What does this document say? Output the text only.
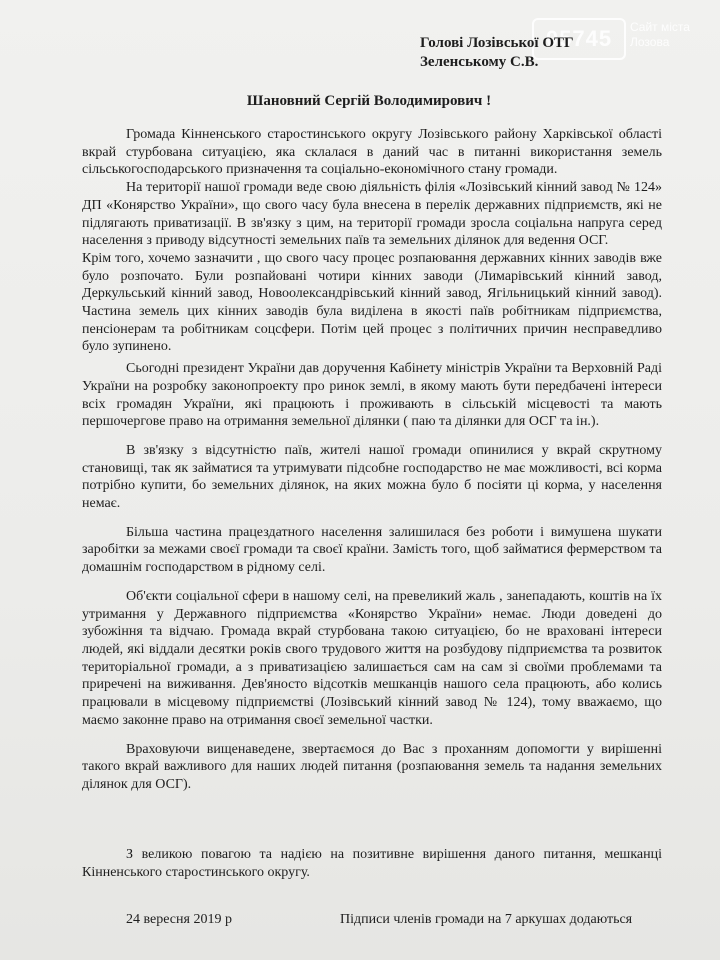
05745	Сайт міста
Лозова
Голові Лозівської ОТГ
Зеленському С.В.
Шановний Сергій Володимирович !

Громада Кінненського старостинського округу Лозівського району Харківської області вкрай стурбована ситуацією, яка склалася в даний час в питанні використання земель сільськогосподарського призначення та соціально-економічного стану громади.

На території нашої громади веде свою діяльність філія «Лозівський кінний завод № 124» ДП «Конярство України», що свого часу була внесена в перелік державних підприємств, які не підлягають приватизації. В зв'язку з цим, на території громади зросла соціальна напруга серед населення з приводу відсутності земельних паїв та земельних ділянок для ведення ОСГ.

Крім того, хочемо зазначити , що свого часу процес розпаювання державних кінних заводів вже було розпочато. Були розпайовані чотири кінних заводи (Лимарівський кінний завод, Деркульський кінний завод, Новоолександрівський кінний завод, Ягільницький кінний завод). Частина земель цих кінних заводів була виділена в якості паїв робітникам підприємства, пенсіонерам та робітникам соцсфери. Потім цей процес з політичних причин несправедливо було зупинено.

Сьогодні президент України дав доручення Кабінету міністрів України та Верховній Раді України на розробку законопроекту про ринок землі, в якому мають бути передбачені інтереси всіх громадян України, які працюють і проживають в сільській місцевості та мають першочергове право на отримання земельної ділянки ( паю та ділянки для ОСГ та ін.).

В зв'язку з відсутністю паїв, жителі нашої громади опинилися у вкрай скрутному становищі, так як займатися та утримувати підсобне господарство не має можливості, всі корма потрібно купити, бо земельних ділянок, на яких можна було б посіяти ці корма, у населення немає.

Більша частина працездатного населення залишилася без роботи і вимушена шукати заробітки за межами своєї громади та своєї країни. Замість того, щоб займатися фермерством та домашнім господарством в рідному селі.

Об'єкти соціальної сфери в нашому селі, на превеликий жаль , занепадають, коштів на їх утримання у Державного підприємства «Конярство України» немає. Люди доведені до зубожіння та відчаю. Громада вкрай стурбована такою ситуацією, бо не враховані інтереси людей, які віддали десятки років свого трудового життя на розбудову підприємства та розвиток територіальної громади, а з приватизацією залишається сам на сам зі своїми проблемами та приречені на виживання. Дев'яносто відсотків мешканців нашого села працюють, або колись працювали в місцевому підприємстві (Лозівський кінний завод № 124), тому вважаємо, що маємо законне право на отримання своєї земельної частки.

Враховуючи вищенаведене, звертаємося до Вас з проханням допомогти у вирішенні такого вкрай важливого для наших людей питання (розпаювання земель та надання земельних ділянок для ОСГ).

З великою повагою та надією на позитивне вирішення даного питання, мешканці Кінненського старостинського округу.

24 вересня 2019 р	Підписи членів громади на 7 аркушах додаються
